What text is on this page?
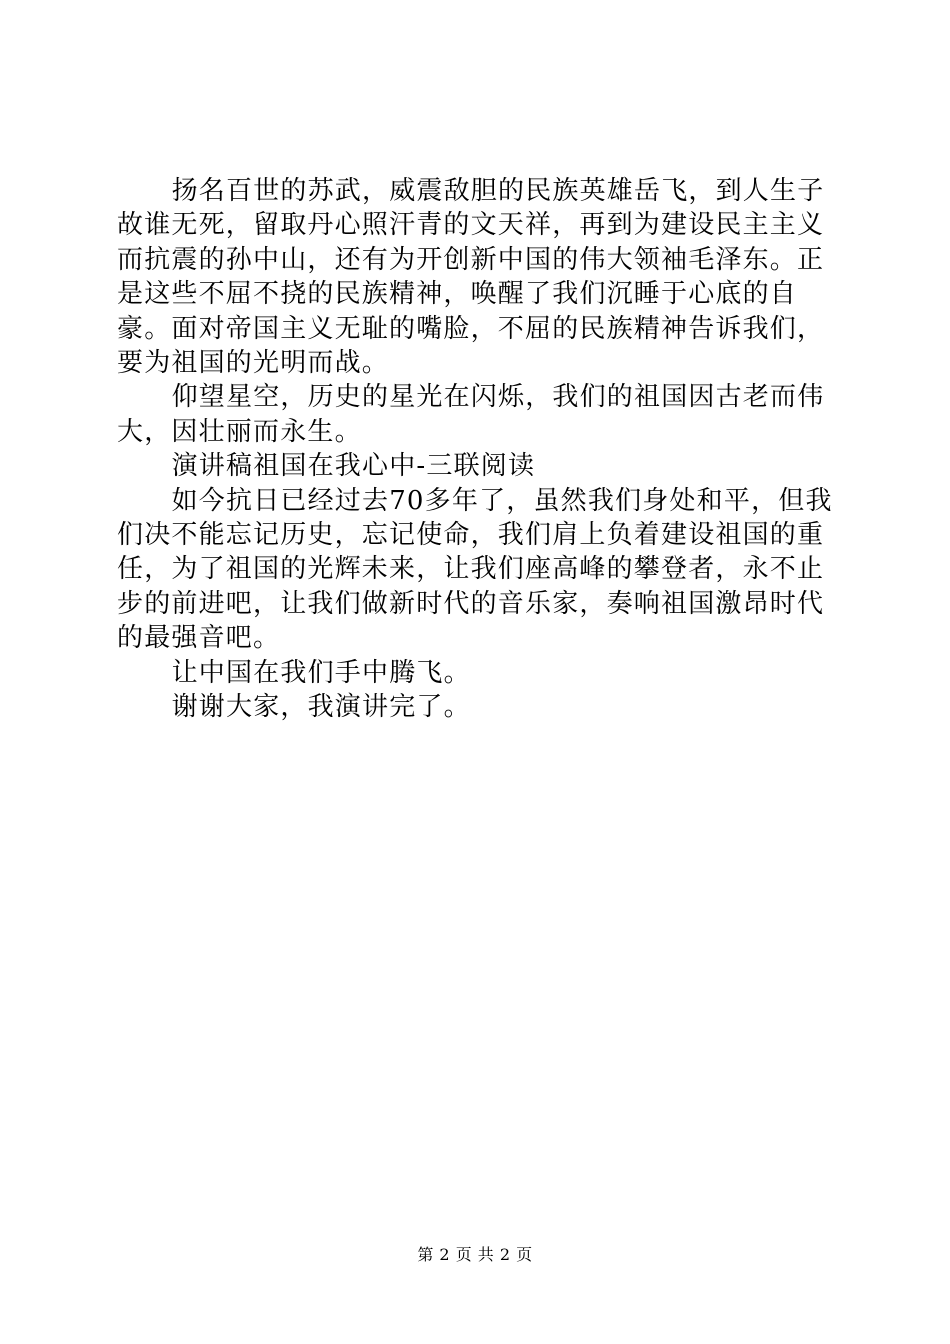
扬名百世的苏武，威震敌胆的民族英雄岳飞，到人生子故谁无死，留取丹心照汗青的文天祥，再到为建设民主主义而抗震的孙中山，还有为开创新中国的伟大领袖毛泽东。正是这些不屈不挠的民族精神，唤醒了我们沉睡于心底的自豪。面对帝国主义无耻的嘴脸，不屈的民族精神告诉我们，要为祖国的光明而战。

仰望星空，历史的星光在闪烁，我们的祖国因古老而伟大，因壮丽而永生。

演讲稿祖国在我心中-三联阅读

如今抗日已经过去70多年了，虽然我们身处和平，但我们决不能忘记历史，忘记使命，我们肩上负着建设祖国的重任，为了祖国的光辉未来，让我们座高峰的攀登者，永不止步的前进吧，让我们做新时代的音乐家，奏响祖国激昂时代的最强音吧。

让中国在我们手中腾飞。

谢谢大家，我演讲完了。

第 2 页 共 2 页
